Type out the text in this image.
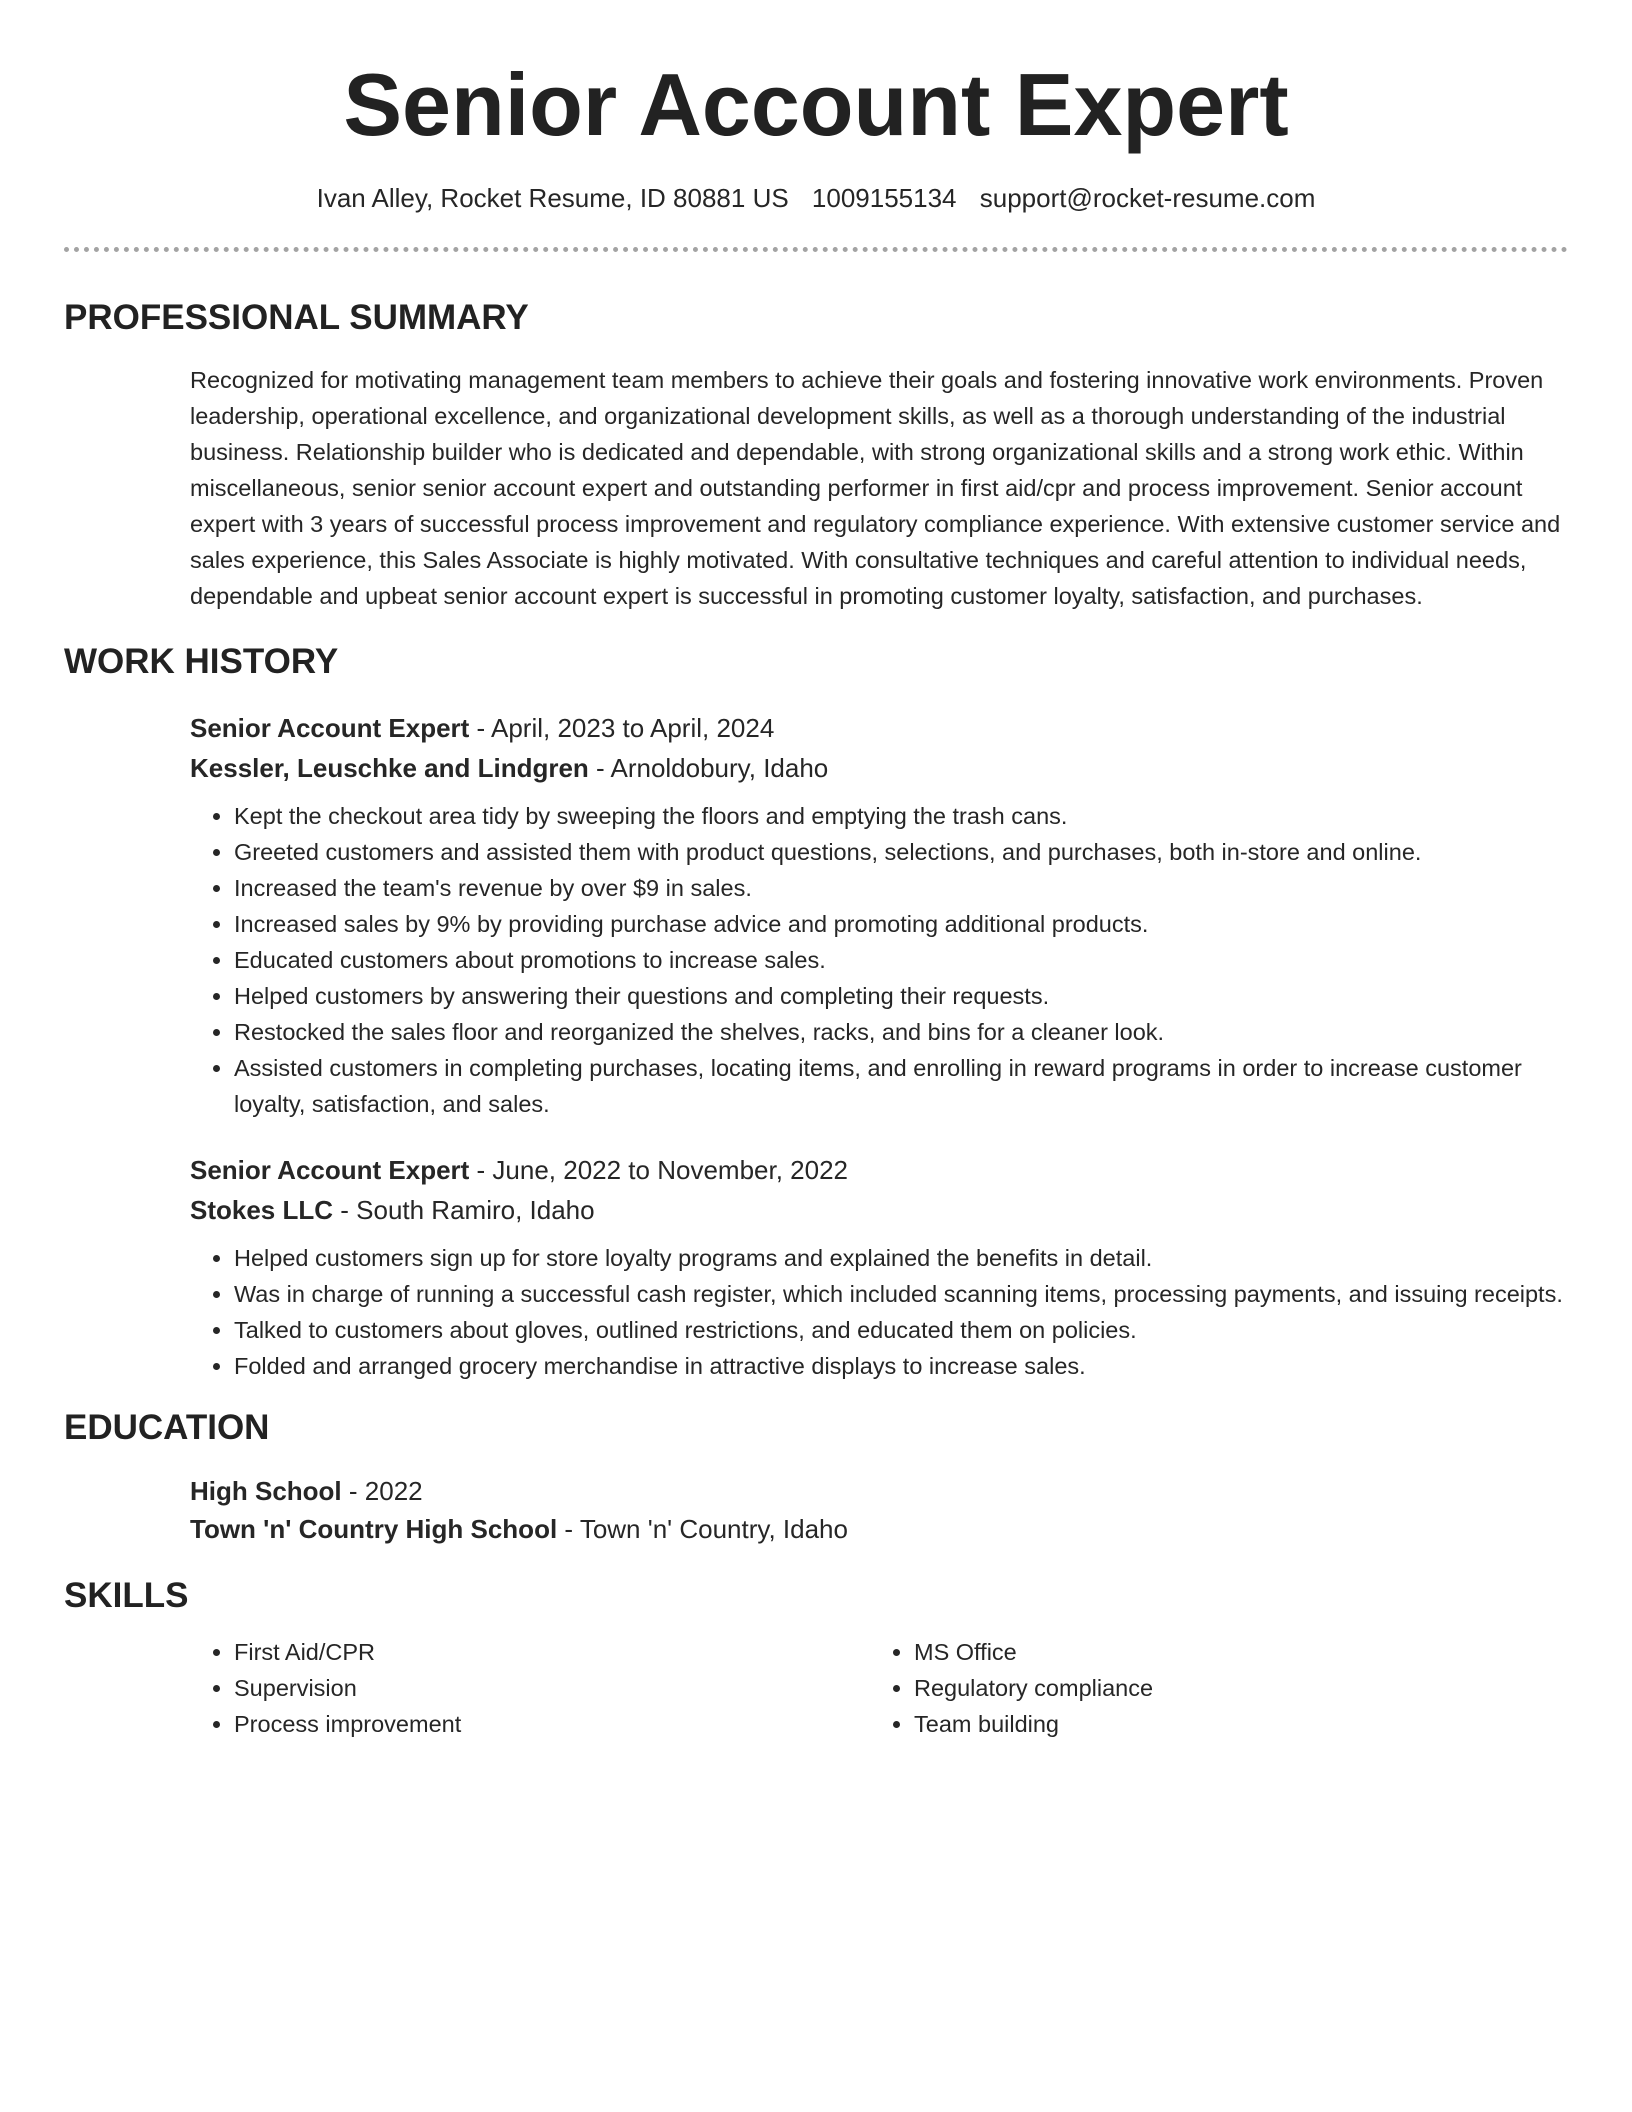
Senior Account Expert
Ivan Alley, Rocket Resume, ID 80881 US 1009155134 support@rocket-resume.com
PROFESSIONAL SUMMARY
Recognized for motivating management team members to achieve their goals and fostering innovative work environments. Proven leadership, operational excellence, and organizational development skills, as well as a thorough understanding of the industrial business. Relationship builder who is dedicated and dependable, with strong organizational skills and a strong work ethic. Within miscellaneous, senior senior account expert and outstanding performer in first aid/cpr and process improvement. Senior account expert with 3 years of successful process improvement and regulatory compliance experience. With extensive customer service and sales experience, this Sales Associate is highly motivated. With consultative techniques and careful attention to individual needs, dependable and upbeat senior account expert is successful in promoting customer loyalty, satisfaction, and purchases.
WORK HISTORY
Senior Account Expert - April, 2023 to April, 2024
Kessler, Leuschke and Lindgren - Arnoldobury, Idaho
• Kept the checkout area tidy by sweeping the floors and emptying the trash cans.
• Greeted customers and assisted them with product questions, selections, and purchases, both in-store and online.
• Increased the team's revenue by over $9 in sales.
• Increased sales by 9% by providing purchase advice and promoting additional products.
• Educated customers about promotions to increase sales.
• Helped customers by answering their questions and completing their requests.
• Restocked the sales floor and reorganized the shelves, racks, and bins for a cleaner look.
• Assisted customers in completing purchases, locating items, and enrolling in reward programs in order to increase customer loyalty, satisfaction, and sales.
Senior Account Expert - June, 2022 to November, 2022
Stokes LLC - South Ramiro, Idaho
• Helped customers sign up for store loyalty programs and explained the benefits in detail.
• Was in charge of running a successful cash register, which included scanning items, processing payments, and issuing receipts.
• Talked to customers about gloves, outlined restrictions, and educated them on policies.
• Folded and arranged grocery merchandise in attractive displays to increase sales.
EDUCATION
High School - 2022
Town 'n' Country High School - Town 'n' Country, Idaho
SKILLS
• First Aid/CPR
• Supervision
• Process improvement
• MS Office
• Regulatory compliance
• Team building
